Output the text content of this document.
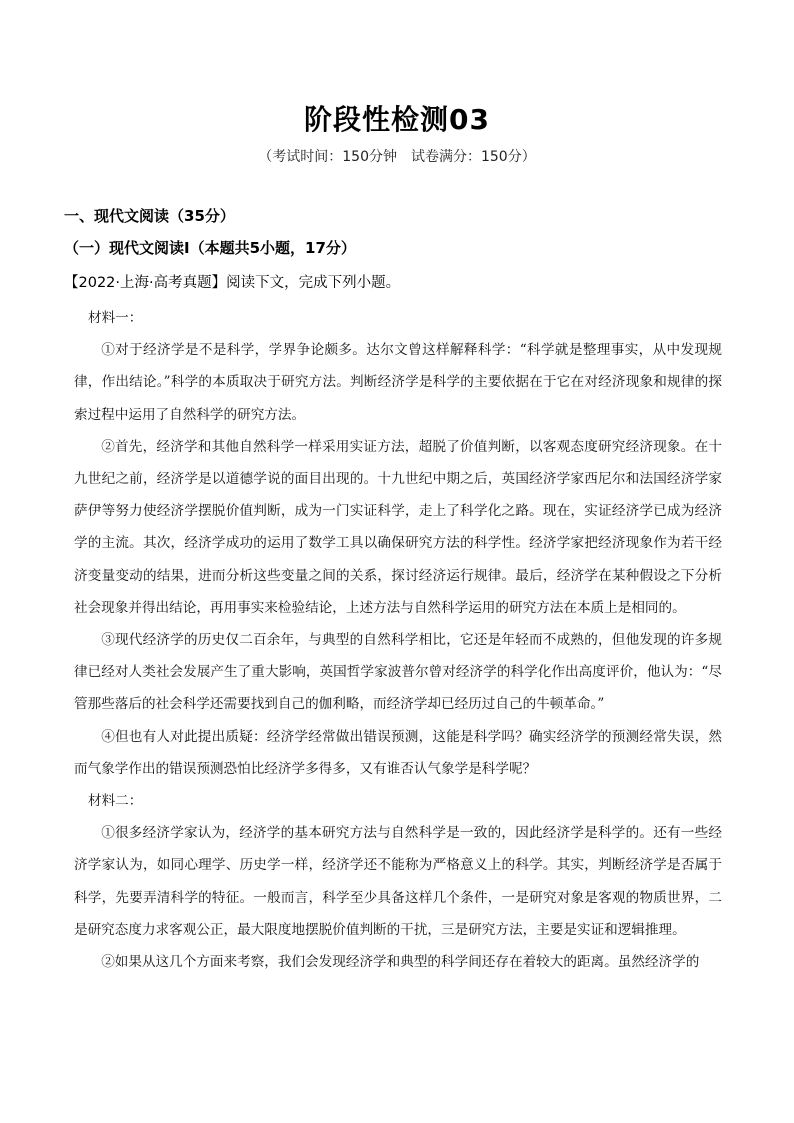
阶段性检测03
（考试时间：150分钟　试卷满分：150分）
一、现代文阅读（35分）
（一）现代文阅读Ⅰ（本题共5小题，17分）
【2022·上海·高考真题】阅读下文，完成下列小题。
材料一：
①对于经济学是不是科学，学界争论颇多。达尔文曾这样解释科学：“科学就是整理事实，从中发现规律，作出结论。”科学的本质取决于研究方法。判断经济学是科学的主要依据在于它在对经济现象和规律的探索过程中运用了自然科学的研究方法。
②首先，经济学和其他自然科学一样采用实证方法，超脱了价值判断，以客观态度研究经济现象。在十九世纪之前，经济学是以道德学说的面目出现的。十九世纪中期之后，英国经济学家西尼尔和法国经济学家萨伊等努力使经济学摆脱价值判断，成为一门实证科学，走上了科学化之路。现在，实证经济学已成为经济学的主流。其次，经济学成功的运用了数学工具以确保研究方法的科学性。经济学家把经济现象作为若干经济变量变动的结果，进而分析这些变量之间的关系，探讨经济运行规律。最后，经济学在某种假设之下分析社会现象并得出结论，再用事实来检验结论，上述方法与自然科学运用的研究方法在本质上是相同的。
③现代经济学的历史仅二百余年，与典型的自然科学相比，它还是年轻而不成熟的，但他发现的许多规律已经对人类社会发展产生了重大影响，英国哲学家波普尔曾对经济学的科学化作出高度评价，他认为：“尽管那些落后的社会科学还需要找到自己的伽利略，而经济学却已经历过自己的牛顿革命。”
④但也有人对此提出质疑：经济学经常做出错误预测，这能是科学吗？确实经济学的预测经常失误，然而气象学作出的错误预测恐怕比经济学多得多，又有谁否认气象学是科学呢？
材料二：
①很多经济学家认为，经济学的基本研究方法与自然科学是一致的，因此经济学是科学的。还有一些经济学家认为，如同心理学、历史学一样，经济学还不能称为严格意义上的科学。其实，判断经济学是否属于科学，先要弄清科学的特征。一般而言，科学至少具备这样几个条件，一是研究对象是客观的物质世界，二是研究态度力求客观公正，最大限度地摆脱价值判断的干扰，三是研究方法，主要是实证和逻辑推理。
②如果从这几个方面来考察，我们会发现经济学和典型的科学间还存在着较大的距离。虽然经济学的
